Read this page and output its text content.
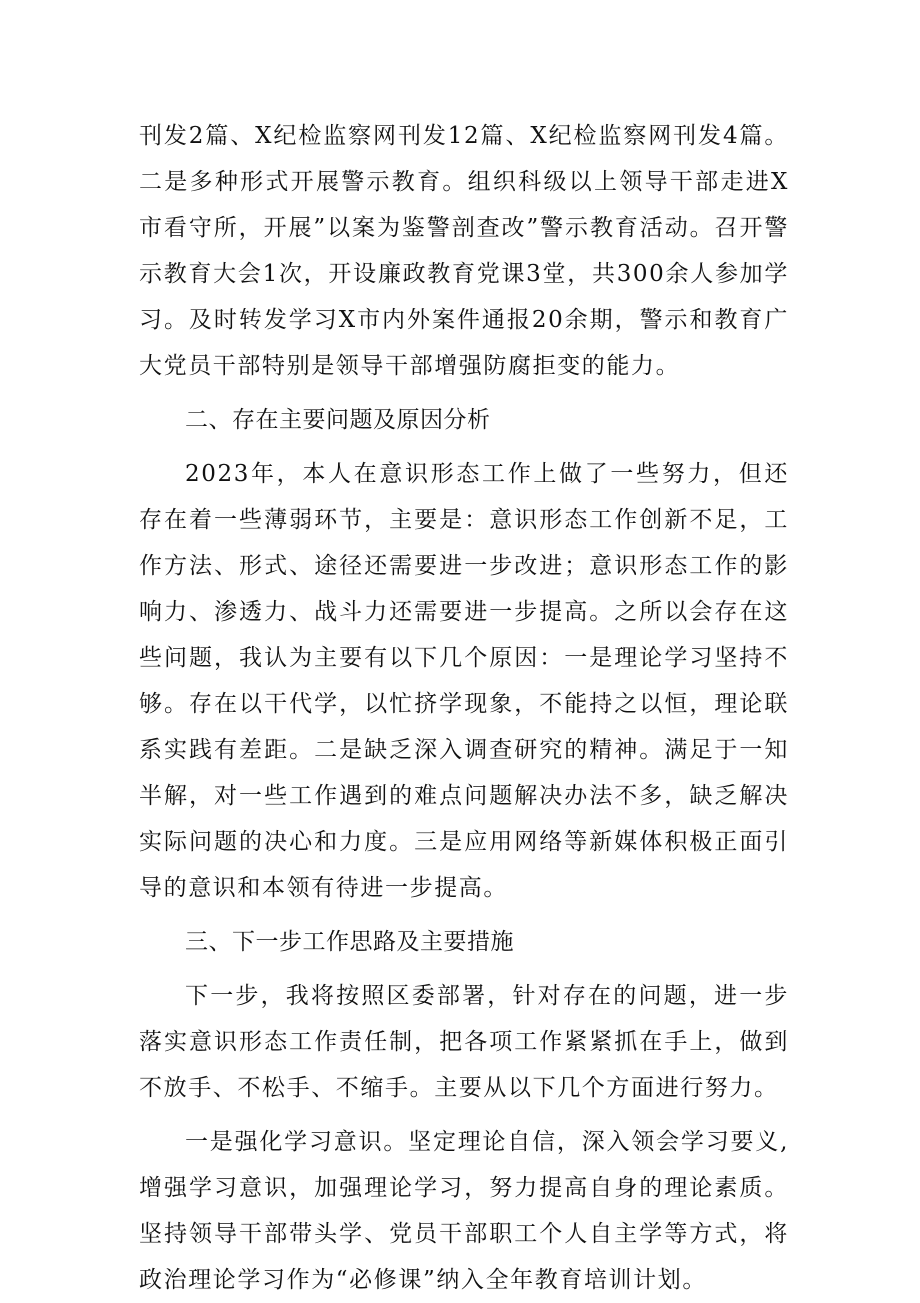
刊发2篇、X纪检监察网刊发12篇、X纪检监察网刊发4篇。二是多种形式开展警示教育。组织科级以上领导干部走进X市看守所，开展”以案为鉴警剖查改”警示教育活动。召开警示教育大会1次，开设廉政教育党课3堂，共300余人参加学习。及时转发学习X市内外案件通报20余期，警示和教育广大党员干部特别是领导干部增强防腐拒变的能力。

二、存在主要问题及原因分析

2023年，本人在意识形态工作上做了一些努力，但还存在着一些薄弱环节，主要是：意识形态工作创新不足，工作方法、形式、途径还需要进一步改进；意识形态工作的影响力、渗透力、战斗力还需要进一步提高。之所以会存在这些问题，我认为主要有以下几个原因：一是理论学习坚持不够。存在以干代学，以忙挤学现象，不能持之以恒，理论联系实践有差距。二是缺乏深入调查研究的精神。满足于一知半解，对一些工作遇到的难点问题解决办法不多，缺乏解决实际问题的决心和力度。三是应用网络等新媒体积极正面引导的意识和本领有待进一步提高。

三、下一步工作思路及主要措施

下一步，我将按照区委部署，针对存在的问题，进一步落实意识形态工作责任制，把各项工作紧紧抓在手上，做到不放手、不松手、不缩手。主要从以下几个方面进行努力。

一是强化学习意识。坚定理论自信，深入领会学习要义,增强学习意识，加强理论学习，努力提高自身的理论素质。坚持领导干部带头学、党员干部职工个人自主学等方式，将政治理论学习作为“必修课”纳入全年教育培训计划。
